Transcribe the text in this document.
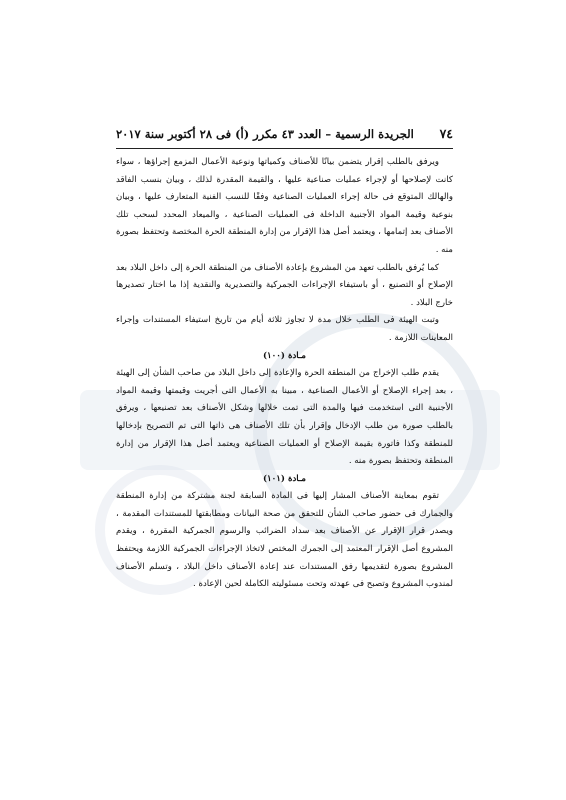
٧٤
الجريدة الرسمية – العدد ٤٣ مكرر (أ) فى ٢٨ أكتوبر سنة ٢٠١٧

ويرفق بالطلب إقرار يتضمن بيانًا للأصناف وكمياتها ونوعية الأعمال المزمع إجراؤها ، سواء كانت لإصلاحها أو لإجراء عمليات صناعية عليها ، والقيمة المقدرة لذلك ، وبيان بنسب الفاقد والهالك المتوقع فى حالة إجراء العمليات الصناعية وفقًا للنسب الفنية المتعارف عليها ، وبيان بنوعية وقيمة المواد الأجنبية الداخلة فى العمليات الصناعية ، والميعاد المحدد لسحب تلك الأصناف بعد إتمامها ، ويعتمد أصل هذا الإقرار من إدارة المنطقة الحرة المختصة وتحتفظ بصورة منه .

كما يُرفق بالطلب تعهد من المشروع بإعادة الأصناف من المنطقة الحرة إلى داخل البلاد بعد الإصلاح أو التصنيع ، أو باستيفاء الإجراءات الجمركية والتصديرية والنقدية إذا ما اختار تصديرها خارج البلاد .

وتبت الهيئة فى الطلب خلال مدة لا تجاوز ثلاثة أيام من تاريخ استيفاء المستندات وإجراء المعاينات اللازمة .

مـادة (١٠٠)

يقدم طلب الإخراج من المنطقة الحرة والإعادة إلى داخل البلاد من صاحب الشأن إلى الهيئة ، بعد إجراء الإصلاح أو الأعمال الصناعية ، مبينا به الأعمال التى أجريت وقيمتها وقيمة المواد الأجنبية التى استخدمت فيها والمدة التى تمت خلالها وشكل الأصناف بعد تصنيعها ، ويرفق بالطلب صورة من طلب الإدخال وإقرار بأن تلك الأصناف هى ذاتها التى تم التصريح بإدخالها للمنطقة وكذا فاتورة بقيمة الإصلاح أو العمليات الصناعية ويعتمد أصل هذا الإقرار من إدارة المنطقة وتحتفظ بصورة منه .

مـادة (١٠١)

تقوم بمعاينة الأصناف المشار إليها فى المادة السابقة لجنة مشتركة من إدارة المنطقة والجمارك فى حضور صاحب الشأن للتحقق من صحة البيانات ومطابقتها للمستندات المقدمة ، ويصدر قرار الإقرار عن الأصناف بعد سداد الضرائب والرسوم الجمركية المقررة ، ويقدم المشروع أصل الإقرار المعتمد إلى الجمرك المختص لاتخاذ الإجراءات الجمركية اللازمة ويحتفظ المشروع بصورة لتقديمها رفق المستندات عند إعادة الأصناف داخل البلاد ، وتسلم الأصناف لمندوب المشروع وتصبح فى عهدته وتحت مسئوليته الكاملة لحين الإعادة .
